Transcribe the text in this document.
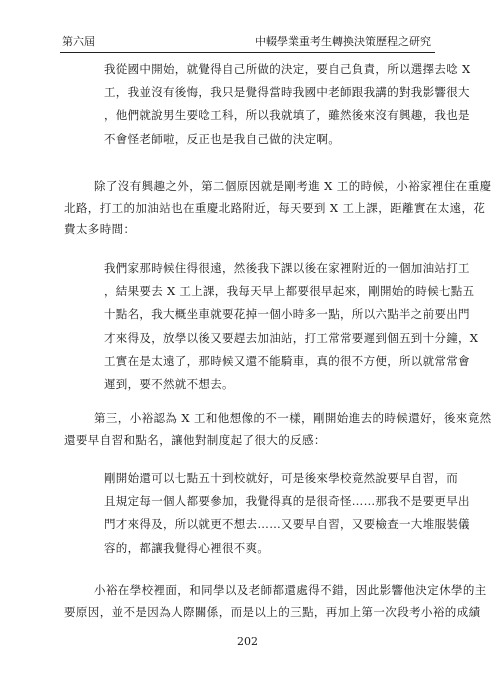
第六屆	中輟學業重考生轉換決策歷程之研究
我從國中開始，就覺得自己所做的決定，要自己負責，所以選擇去唸 X
工，我並沒有後悔，我只是覺得當時我國中老師跟我講的對我影響很大
，他們就說男生要唸工科，所以我就填了，雖然後來沒有興趣，我也是
不會怪老師啦，反正也是我自己做的決定啊。
除了沒有興趣之外，第二個原因就是剛考進 X 工的時候，小裕家裡住在重慶
北路，打工的加油站也在重慶北路附近，每天要到 X 工上課，距離實在太遠，花
費太多時間：
我們家那時候住得很遠，然後我下課以後在家裡附近的一個加油站打工
，結果要去 X 工上課，我每天早上都要很早起來，剛開始的時候七點五
十點名，我大概坐車就要花掉一個小時多一點，所以六點半之前要出門
才來得及，放學以後又要趕去加油站，打工常常要遲到個五到十分鐘，X
工實在是太遠了，那時候又還不能騎車，真的很不方便，所以就常常會
遲到，要不然就不想去。
第三，小裕認為 X 工和他想像的不一樣，剛開始進去的時候還好，後來竟然
還要早自習和點名，讓他對制度起了很大的反感：
剛開始還可以七點五十到校就好，可是後來學校竟然說要早自習，而
且規定每一個人都要參加，我覺得真的是很奇怪……那我不是要更早出
門才來得及，所以就更不想去……又要早自習，又要檢查一大堆服裝儀
容的，都讓我覺得心裡很不爽。
小裕在學校裡面，和同學以及老師都還處得不錯，因此影響他決定休學的主
要原因，並不是因為人際關係，而是以上的三點，再加上第一次段考小裕的成績
202
